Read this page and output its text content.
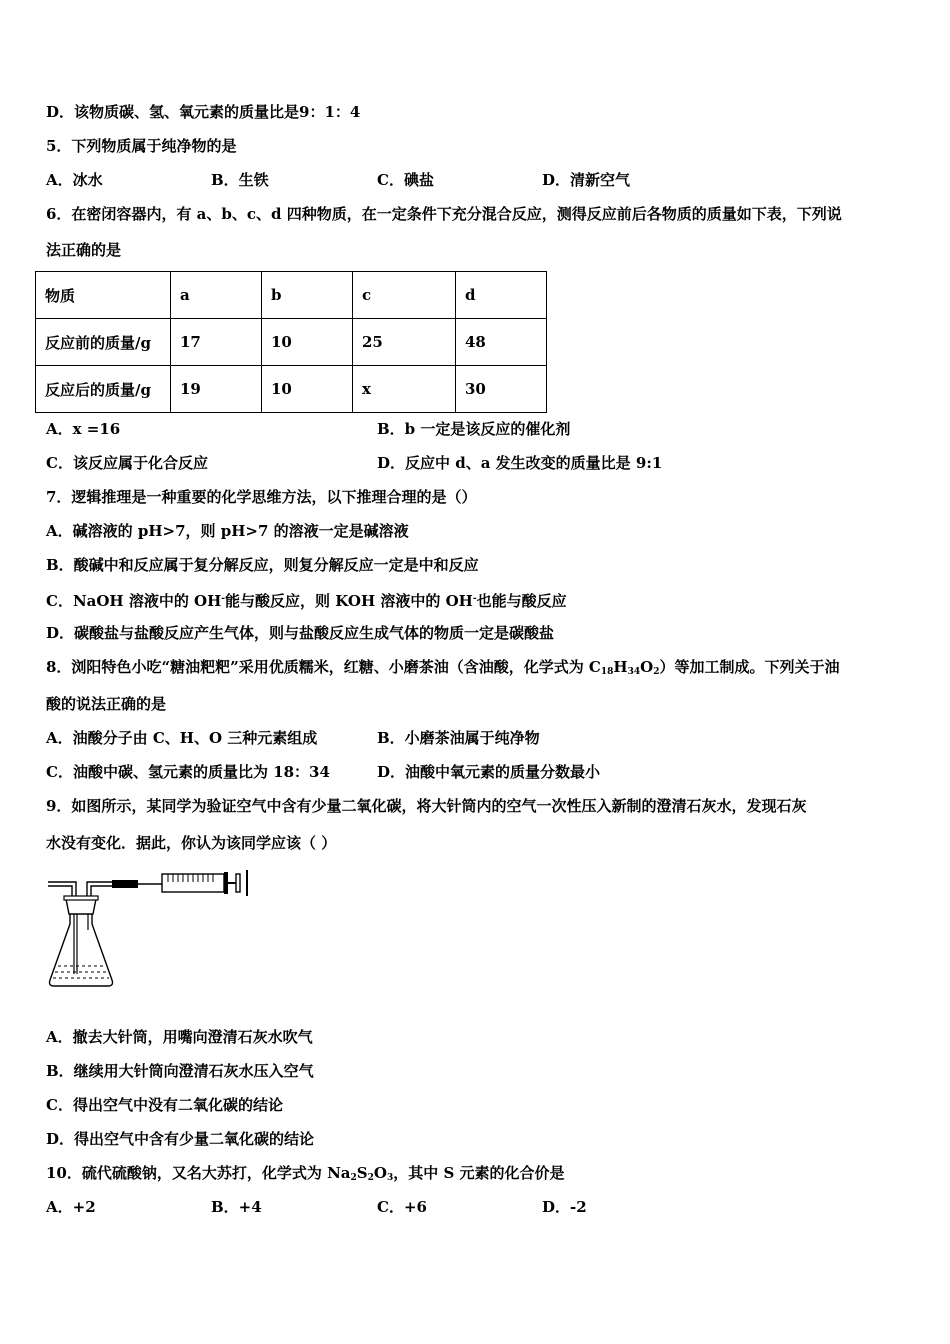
D．该物质碳、氢、氧元素的质量比是9：1：4
5．下列物质属于纯净物的是
A．冰水	B．生铁	C．碘盐	D．清新空气
6．在密闭容器内，有 a、b、c、d 四种物质，在一定条件下充分混合反应，测得反应前后各物质的质量如下表，下列说
法正确的是
物质	a	b	c	d
反应前的质量/g	17	10	25	48
反应后的质量/g	19	10	x	30
A．x =16	B．b 一定是该反应的催化剂
C．该反应属于化合反应	D．反应中 d、a 发生改变的质量比是 9:1
7．逻辑推理是一种重要的化学思维方法，以下推理合理的是（）
A．碱溶液的 pH>7，则 pH>7 的溶液一定是碱溶液
B．酸碱中和反应属于复分解反应，则复分解反应一定是中和反应
C．NaOH 溶液中的 OH-能与酸反应，则 KOH 溶液中的 OH-也能与酸反应
D．碳酸盐与盐酸反应产生气体，则与盐酸反应生成气体的物质一定是碳酸盐
8．浏阳特色小吃“糖油粑粑”采用优质糯米，红糖、小磨茶油（含油酸，化学式为 $C_{18}H_{34}O_2$）等加工制成。下列关于油
酸的说法正确的是
A．油酸分子由 C、H、O 三种元素组成	B．小磨茶油属于纯净物
C．油酸中碳、氢元素的质量比为 18：34	D．油酸中氧元素的质量分数最小
9．如图所示，某同学为验证空气中含有少量二氧化碳，将大针筒内的空气一次性压入新制的澄清石灰水，发现石灰
水没有变化．据此，你认为该同学应该（ ）
A．撤去大针筒，用嘴向澄清石灰水吹气
B．继续用大针筒向澄清石灰水压入空气
C．得出空气中没有二氧化碳的结论
D．得出空气中含有少量二氧化碳的结论
10．硫代硫酸钠，又名大苏打，化学式为 $Na_2S_2O_3$，其中 S 元素的化合价是
A．+2	B．+4	C．+6	D．-2
